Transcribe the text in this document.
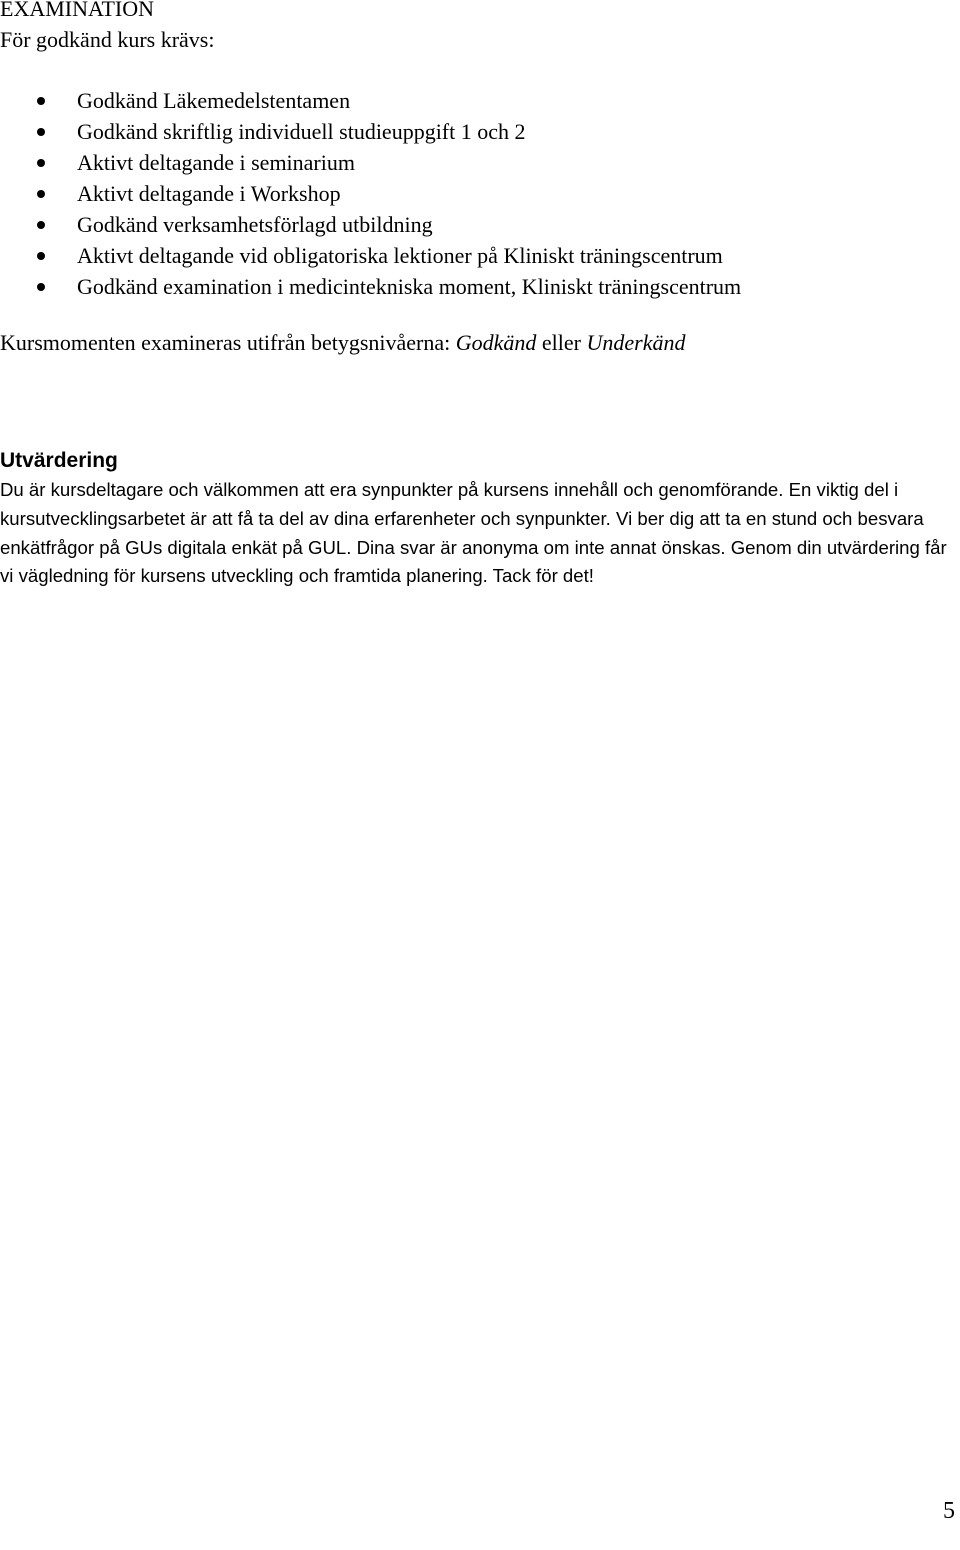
EXAMINATION

För godkänd kurs krävs:

Godkänd Läkemedelstentamen
Godkänd skriftlig individuell studieuppgift 1 och 2
Aktivt deltagande i seminarium
Aktivt deltagande i Workshop
Godkänd verksamhetsförlagd utbildning
Aktivt deltagande vid obligatoriska lektioner på Kliniskt träningscentrum
Godkänd examination i medicintekniska moment, Kliniskt träningscentrum

Kursmomenten examineras utifrån betygsnivåerna: Godkänd eller Underkänd

Utvärdering

Du är kursdeltagare och välkommen att era synpunkter på kursens innehåll och genomförande. En viktig del i kursutvecklingsarbetet är att få ta del av dina erfarenheter och synpunkter. Vi ber dig att ta en stund och besvara enkätfrågor på GUs digitala enkät på GUL. Dina svar är anonyma om inte annat önskas. Genom din utvärdering får vi vägledning för kursens utveckling och framtida planering. Tack för det!

5
